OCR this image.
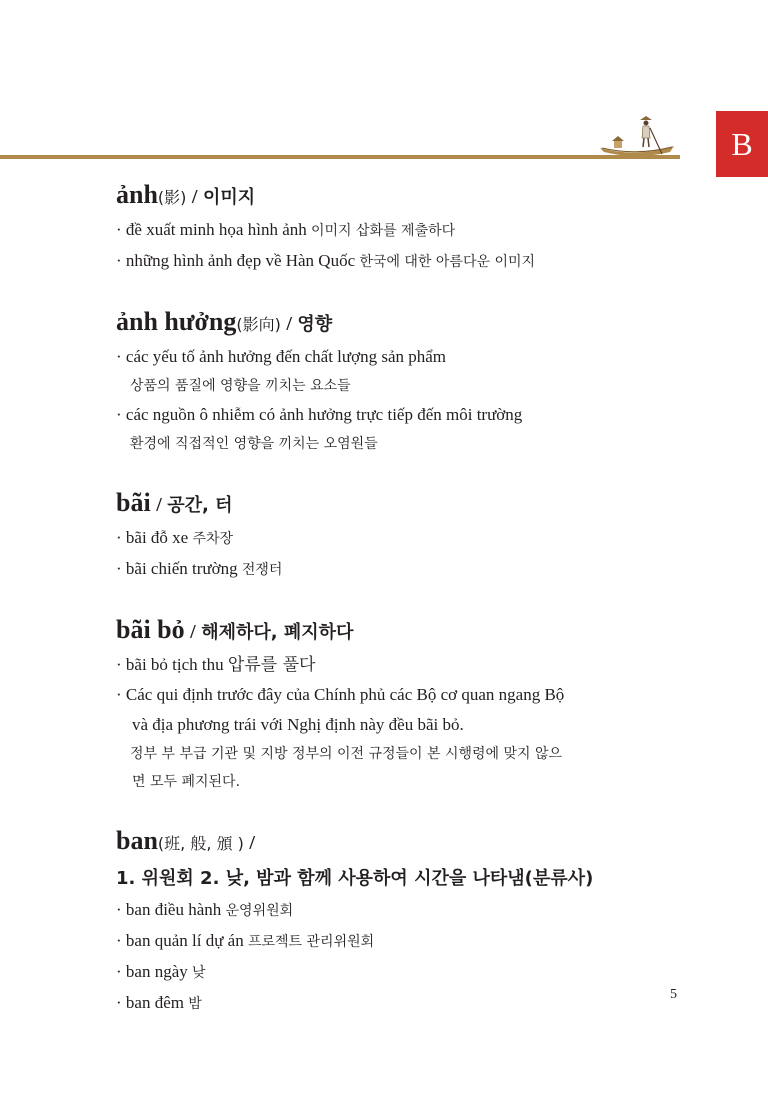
B
ảnh(影) / 이미지
· đề xuất minh họa hình ảnh 이미지 삽화를 제출하다
· những hình ảnh đẹp về Hàn Quốc 한국에 대한 아름다운 이미지
ảnh hưởng(影向) / 영향
· các yếu tố ảnh hưởng đến chất lượng sản phẩm
상품의 품질에 영향을 끼치는 요소들
· các nguồn ô nhiễm có ảnh hưởng trực tiếp đến môi trường
환경에 직접적인 영향을 끼치는 오염원들
bãi / 공간, 터
· bãi đỗ xe 주차장
· bãi chiến trường 전쟁터
bãi bỏ / 해제하다, 폐지하다
· bãi bỏ tịch thu 압류를 풀다
· Các qui định trước đây của Chính phủ các Bộ cơ quan ngang Bộ
và địa phương trái với Nghị định này đều bãi bỏ.
정부 부 부급 기관 및 지방 정부의 이전 규정들이 본 시행령에 맞지 않으
면 모두 폐지된다.
ban(班, 般, 頒 ) /
1. 위원회 2. 낮, 밤과 함께 사용하여 시간을 나타냄(분류사)
· ban điều hành 운영위원회
· ban quản lí dự án 프로젝트 관리위원회
· ban ngày 낮
· ban đêm 밤
5
